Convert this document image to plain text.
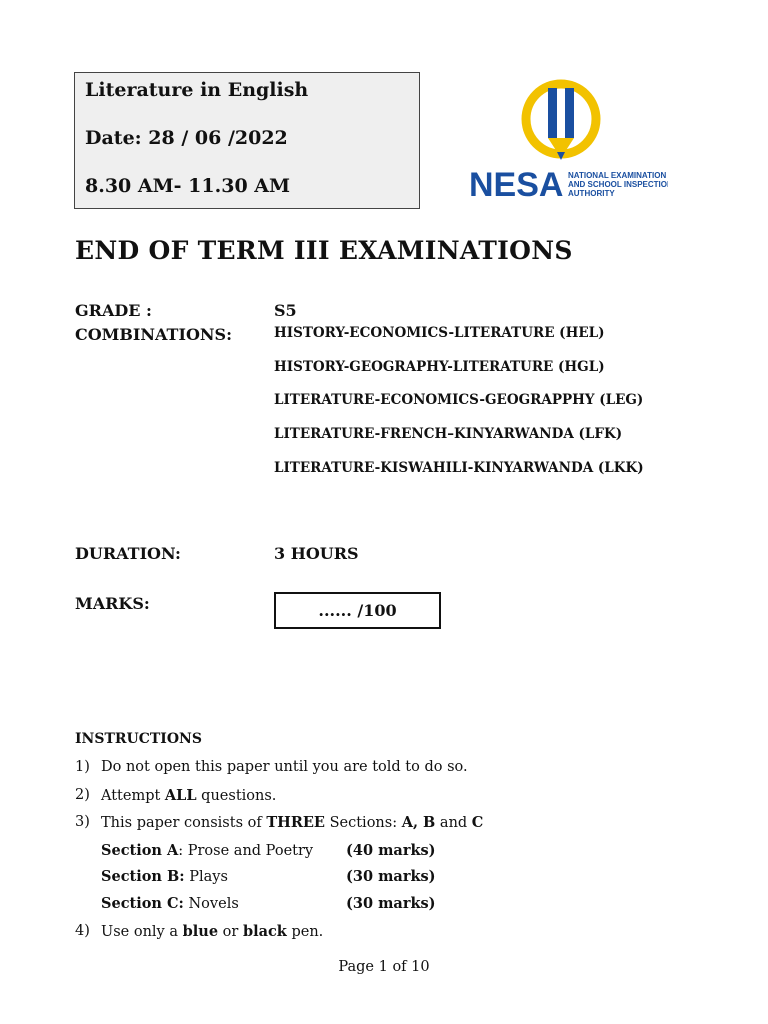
Literature in English
Date: 28 / 06 /2022
8.30 AM- 11.30 AM	NESA NATIONAL EXAMINATION
AND SCHOOL INSPECTION
AUTHORITY
END OF TERM III EXAMINATIONS
GRADE :	S5
COMBINATIONS:	HISTORY-ECONOMICS-LITERATURE (HEL)
HISTORY-GEOGRAPHY-LITERATURE (HGL)
LITERATURE-ECONOMICS-GEOGRAPPHY (LEG)
LITERATURE-FRENCH–KINYARWANDA (LFK)
LITERATURE-KISWAHILI-KINYARWANDA (LKK)
DURATION:	3 HOURS
MARKS:	...... /100
INSTRUCTIONS
1) Do not open this paper until you are told to do so.
2) Attempt ALL questions.
3) This paper consists of THREE Sections: A, B and C
Section A: Prose and Poetry (40 marks)
Section B: Plays	(30 marks)
Section C: Novels	(30 marks)
4) Use only a blue or black pen.
Page 1 of 10
